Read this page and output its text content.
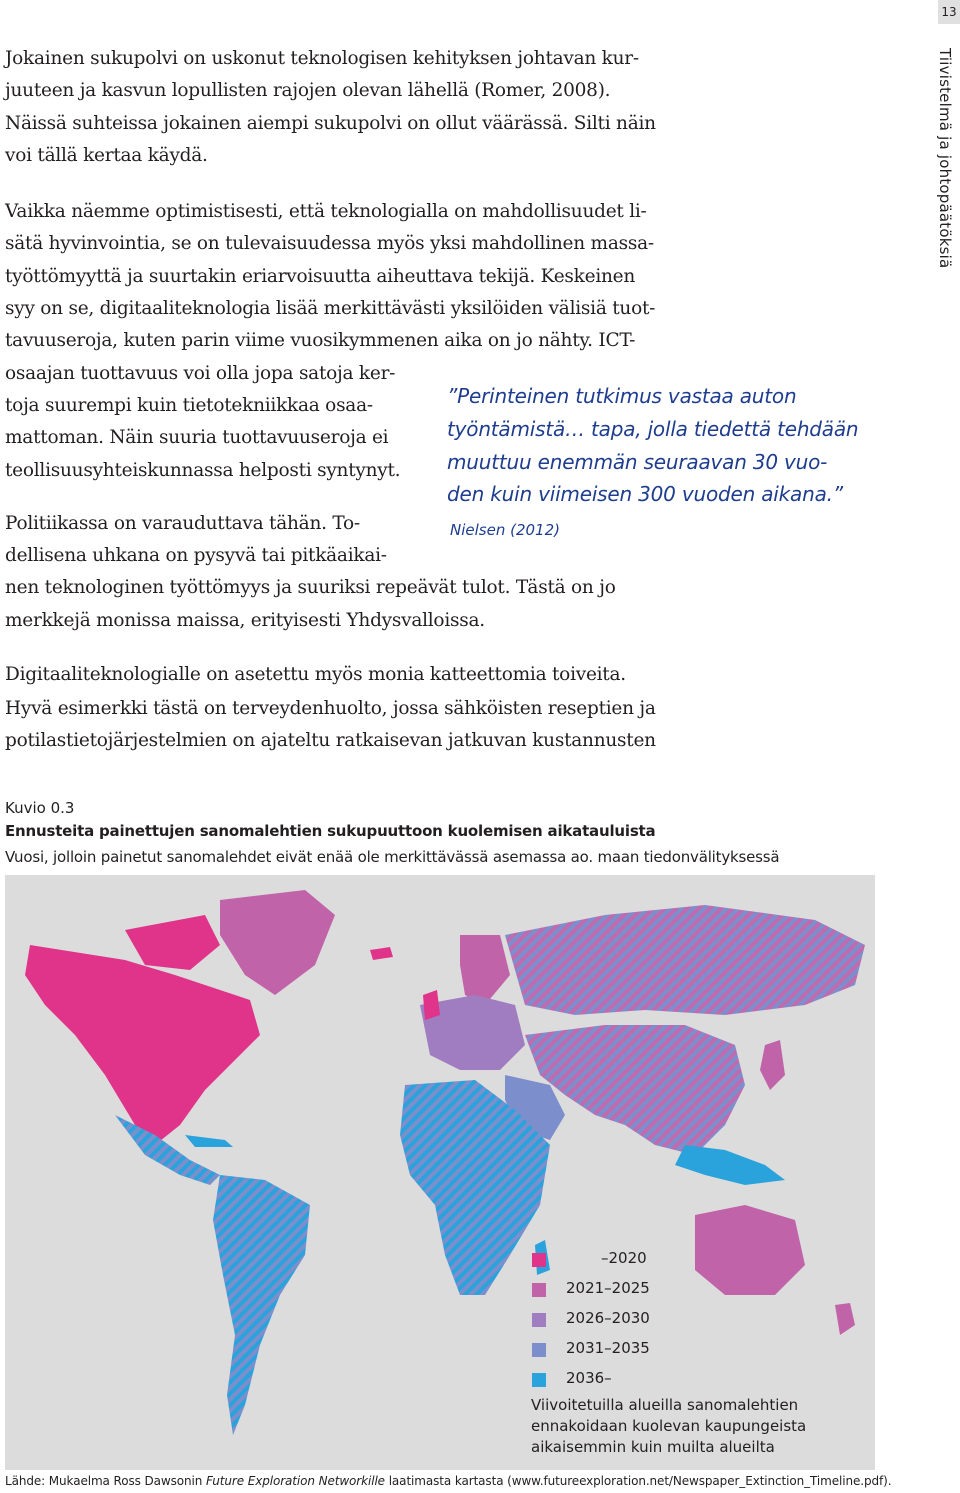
13
Tiivistelmä ja johtopäätöksiä
Jokainen sukupolvi on uskonut teknologisen kehityksen johtavan kur-
juuteen ja kasvun lopullisten rajojen olevan lähellä (Romer, 2008).
Näissä suhteissa jokainen aiempi sukupolvi on ollut väärässä. Silti näin
voi tällä kertaa käydä.
Vaikka näemme optimistisesti, että teknologialla on mahdollisuudet li-
sätä hyvinvointia, se on tulevaisuudessa myös yksi mahdollinen massa-
työttömyyttä ja suurtakin eriarvoisuutta aiheuttava tekijä. Keskeinen
syy on se, digitaaliteknologia lisää merkittävästi yksilöiden välisiä tuot-
tavuuseroja, kuten parin viime vuosikymmenen aika on jo nähty. ICT-
osaajan tuottavuus voi olla jopa satoja ker-
toja suurempi kuin tietotekniikkaa osaa-
mattoman. Näin suuria tuottavuuseroja ei
teollisuusyhteiskunnassa helposti syntynyt.
Politiikassa on varauduttava tähän. To-
dellisena uhkana on pysyvä tai pitkäaikai-
nen teknologinen työttömyys ja suuriksi repeävät tulot. Tästä on jo
merkkejä monissa maissa, erityisesti Yhdysvalloissa.
Digitaaliteknologialle on asetettu myös monia katteettomia toiveita.
Hyvä esimerkki tästä on terveydenhuolto, jossa sähköisten reseptien ja
potilastietojärjestelmien on ajateltu ratkaisevan jatkuvan kustannusten
”Perinteinen tutkimus vastaa auton
työntämistä… tapa, jolla tiedettä tehdään
muuttuu enemmän seuraavan 30 vuo-
den kuin viimeisen 300 vuoden aikana.”
Nielsen (2012)
Kuvio 0.3
Ennusteita painettujen sanomalehtien sukupuuttoon kuolemisen aikatauluista
Vuosi, jolloin painetut sanomalehdet eivät enää ole merkittävässä asemassa ao. maan tiedonvälityksessä
–2020
2021–2025
2026–2030
2031–2035
2036–
Viivoitetuilla alueilla sanomalehtien ennakoidaan kuolevan kaupungeista aikaisemmin kuin muilta alueilta
Lähde: Mukaelma Ross Dawsonin Future Exploration Networkille laatimasta kartasta (www.futureexploration.net/Newspaper_Extinction_Timeline.pdf).
